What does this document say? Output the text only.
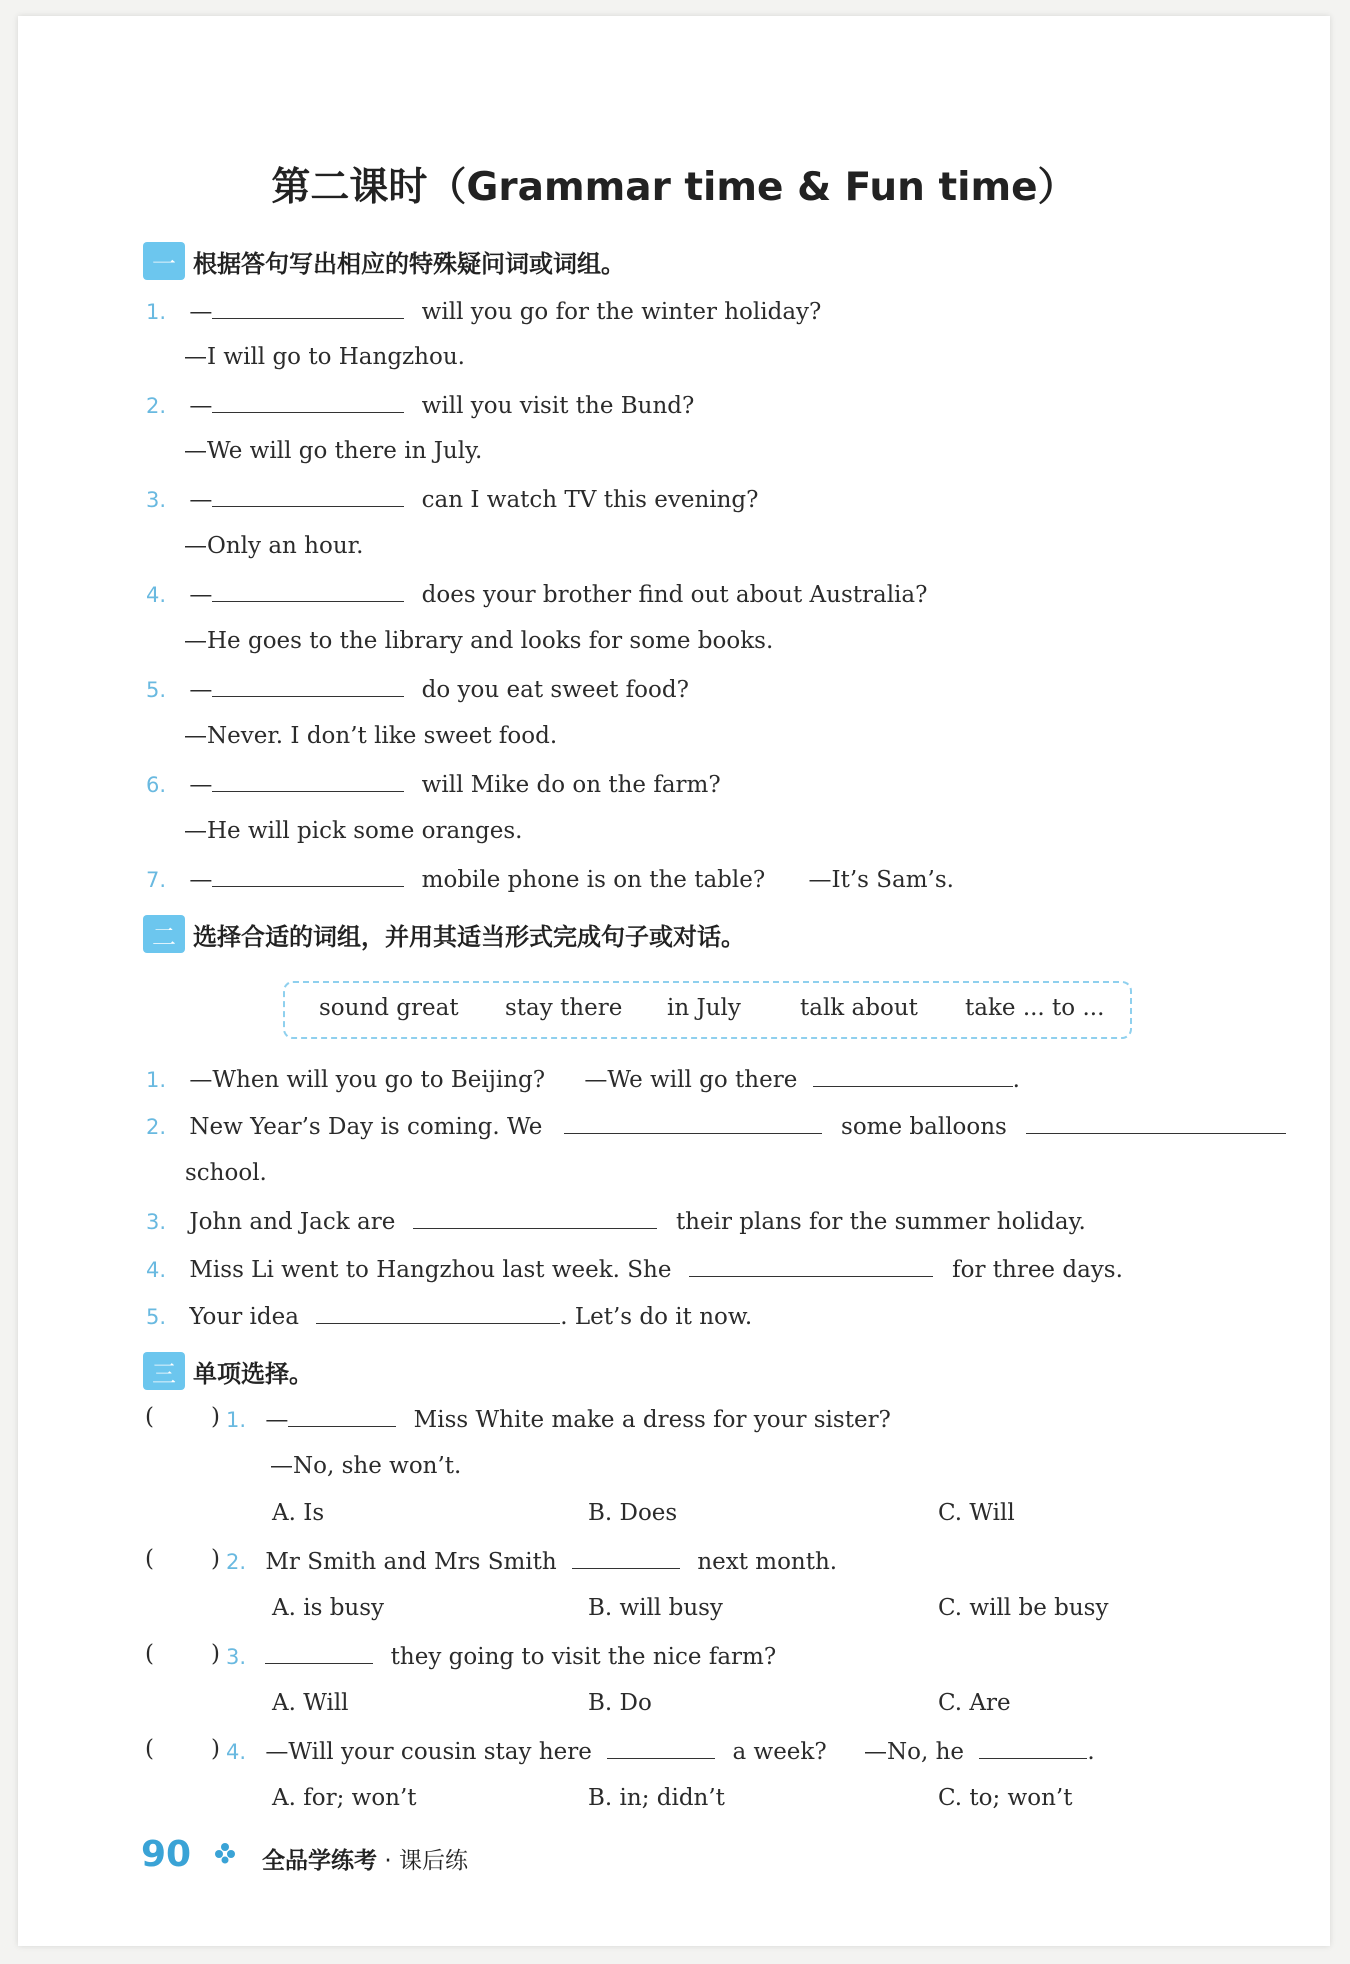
第二课时（Grammar time & Fun time）
一 根据答句写出相应的特殊疑问词或词组。
1. —	will you go for the winter holiday?
—I will go to Hangzhou.
2. —	will you visit the Bund?
—We will go there in July.
3. —	can I watch TV this evening?
—Only an hour.
4. —	does your brother find out about Australia?
—He goes to the library and looks for some books.
5. —	do you eat sweet food?
—Never. I don’t like sweet food.
6. —	will Mike do on the farm?
—He will pick some oranges.
7. —	mobile phone is on the table? —It’s Sam’s.
二 选择合适的词组，并用其适当形式完成句子或对话。
sound great stay there in July	talk about take ... to ...
1. —When will you go to Beijing? —We will go there	.
2. New Year’s Day is coming. We	some balloons
school.
3. John and Jack are	their plans for the summer holiday.
4. Miss Li went to Hangzhou last week. She	for three days.
5. Your idea	. Let’s do it now.
三 单项选择。
( ) 1. —	Miss White make a dress for your sister?
—No, she won’t.
A. Is	B. Does	C. Will
( ) 2. Mr Smith and Mrs Smith	next month.
A. is busy	B. will busy	C. will be busy
( ) 3.	they going to visit the nice farm?
A. Will	B. Do	C. Are
( ) 4. —Will your cousin stay here	a week? —No, he	.
A. for; won’t	B. in; didn’t	C. to; won’t
90	全品学练考 · 课后练
